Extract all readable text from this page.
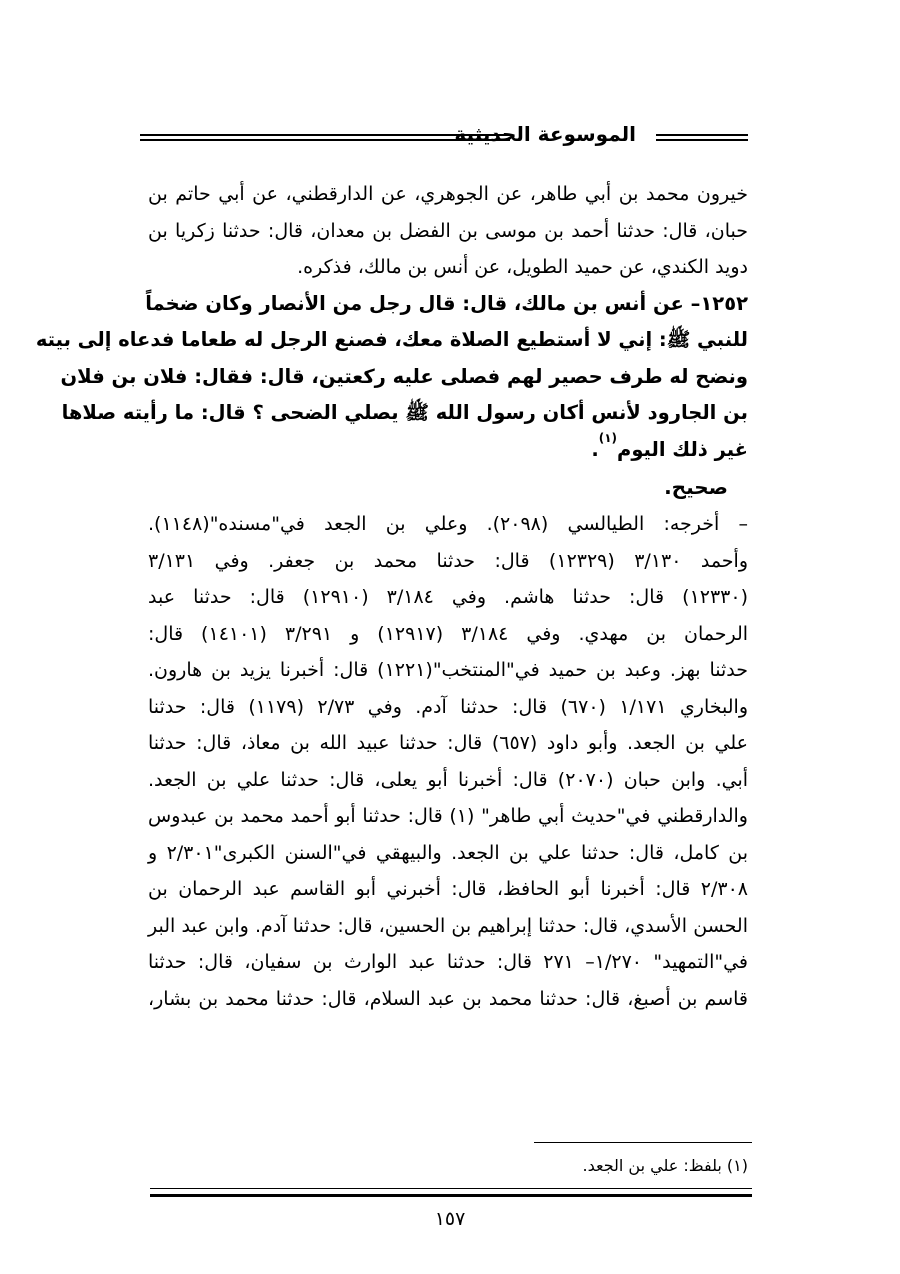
الموسوعة الحديثية
خيرون محمد بن أبي طاهر، عن الجوهري، عن الدارقطني، عن أبي حاتم بن
حبان، قال: حدثنا أحمد بن موسى بن الفضل بن معدان، قال: حدثنا زكريا بن
دويد الكندي، عن حميد الطويل، عن أنس بن مالك، فذكره.
١٢٥٢– عن أنس بن مالك، قال: قال رجل من الأنصار وكان ضخماً
للنبي ﷺ: إني لا أستطيع الصلاة معك، فصنع الرجل له طعاما فدعاه إلى بيته
ونضح له طرف حصير لهم فصلى عليه ركعتين، قال: فقال: فلان بن فلان
بن الجارود لأنس أكان رسول الله ﷺ يصلي الضحى ؟ قال: ما رأيته صلاها
غير ذلك اليوم$^{(١)}$.
صحيح.
– أخرجه: الطيالسي (٢٠٩٨). وعلي بن الجعد في"مسنده"(١١٤٨).
وأحمد ٣/١٣٠ (١٢٣٢٩) قال: حدثنا محمد بن جعفر. وفي ٣/١٣١
(١٢٣٣٠) قال: حدثنا هاشم. وفي ٣/١٨٤ (١٢٩١٠) قال: حدثنا عبد
الرحمان بن مهدي. وفي ٣/١٨٤ (١٢٩١٧) و ٣/٢٩١ (١٤١٠١) قال:
حدثنا بهز. وعبد بن حميد في"المنتخب"(١٢٢١) قال: أخبرنا يزيد بن هارون.
والبخاري ١/١٧١ (٦٧٠) قال: حدثنا آدم. وفي ٢/٧٣ (١١٧٩) قال: حدثنا
علي بن الجعد. وأبو داود (٦٥٧) قال: حدثنا عبيد الله بن معاذ، قال: حدثنا
أبي. وابن حبان (٢٠٧٠) قال: أخبرنا أبو يعلى، قال: حدثنا علي بن الجعد.
والدارقطني في"حديث أبي طاهر" (١) قال: حدثنا أبو أحمد محمد بن عبدوس
بن كامل، قال: حدثنا علي بن الجعد. والبيهقي في"السنن الكبرى"٢/٣٠١ و
٢/٣٠٨ قال: أخبرنا أبو الحافظ، قال: أخبرني أبو القاسم عبد الرحمان بن
الحسن الأسدي، قال: حدثنا إبراهيم بن الحسين، قال: حدثنا آدم. وابن عبد البر
في"التمهيد" ١/٢٧٠– ٢٧١ قال: حدثنا عبد الوارث بن سفيان، قال: حدثنا
قاسم بن أصبغ، قال: حدثنا محمد بن عبد السلام، قال: حدثنا محمد بن بشار،
(١) بلفظ: علي بن الجعد.
١٥٧
